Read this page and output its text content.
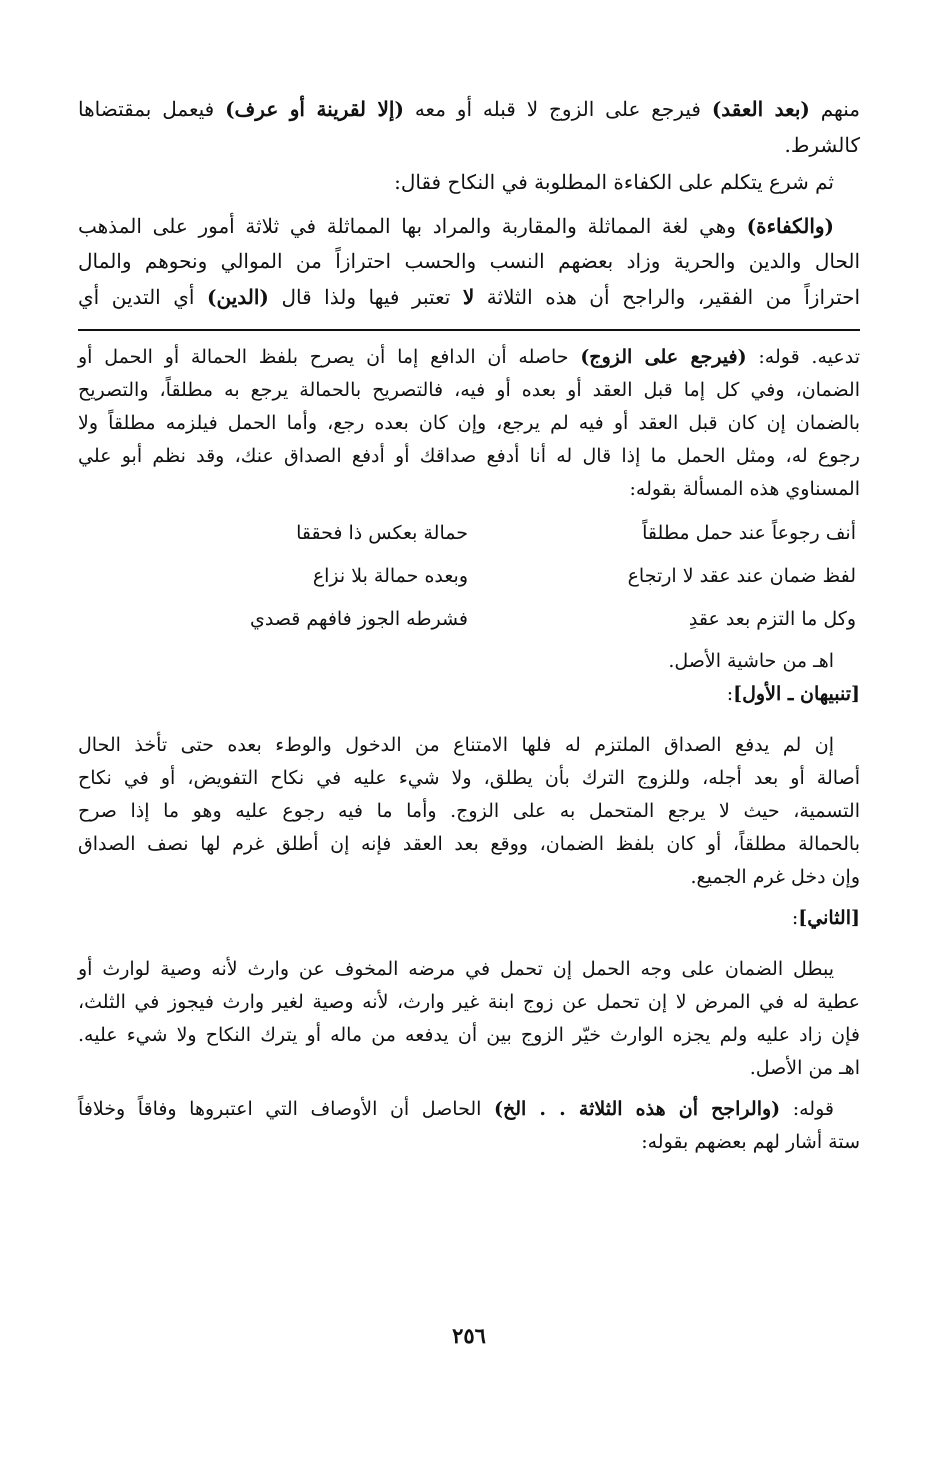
منهم (بعد العقد) فيرجع على الزوج لا قبله أو معه (إلا لقرينة أو عرف) فيعمل بمقتضاها

كالشرط.

ثم شرع يتكلم على الكفاءة المطلوبة في النكاح فقال:

(والكفاءة) وهي لغة المماثلة والمقاربة والمراد بها المماثلة في ثلاثة أمور على المذهب

الحال والدين والحرية وزاد بعضهم النسب والحسب احترازاً من الموالي ونحوهم والمال

احترازاً من الفقير، والراجح أن هذه الثلاثة لا تعتبر فيها ولذا قال (الدين) أي التدين أي

تدعيه. قوله: (فيرجع على الزوج) حاصله أن الدافع إما أن يصرح بلفظ الحمالة أو الحمل أو

الضمان، وفي كل إما قبل العقد أو بعده أو فيه، فالتصريح بالحمالة يرجع به مطلقاً، والتصريح

بالضمان إن كان قبل العقد أو فيه لم يرجع، وإن كان بعده رجع، وأما الحمل فيلزمه مطلقاً ولا

رجوع له، ومثل الحمل ما إذا قال له أنا أدفع صداقك أو أدفع الصداق عنك، وقد نظم أبو علي

المسناوي هذه المسألة بقوله:

أنف رجوعاً عند حمل مطلقاً
حمالة بعكس ذا فحققا
لفظ ضمان عند عقد لا ارتجاع
وبعده حمالة بلا نزاع
وكل ما التزم بعد عقدِ
فشرطه الجوز فافهم قصدي

اهـ من حاشية الأصل.

[تنبيهان ـ الأول]:

إن لم يدفع الصداق الملتزم له فلها الامتناع من الدخول والوطء بعده حتى تأخذ الحال

أصالة أو بعد أجله، وللزوج الترك بأن يطلق، ولا شيء عليه في نكاح التفويض، أو في نكاح

التسمية، حيث لا يرجع المتحمل به على الزوج. وأما ما فيه رجوع عليه وهو ما إذا صرح

بالحمالة مطلقاً، أو كان بلفظ الضمان، ووقع بعد العقد فإنه إن أطلق غرم لها نصف الصداق

وإن دخل غرم الجميع.

[الثاني]:

يبطل الضمان على وجه الحمل إن تحمل في مرضه المخوف عن وارث لأنه وصية لوارث أو

عطية له في المرض لا إن تحمل عن زوج ابنة غير وارث، لأنه وصية لغير وارث فيجوز في الثلث،

فإن زاد عليه ولم يجزه الوارث خيّر الزوج بين أن يدفعه من ماله أو يترك النكاح ولا شيء عليه.

اهـ من الأصل.

قوله: (والراجح أن هذه الثلاثة . . الخ) الحاصل أن الأوصاف التي اعتبروها وفاقاً وخلافاً

ستة أشار لهم بعضهم بقوله:

٢٥٦
